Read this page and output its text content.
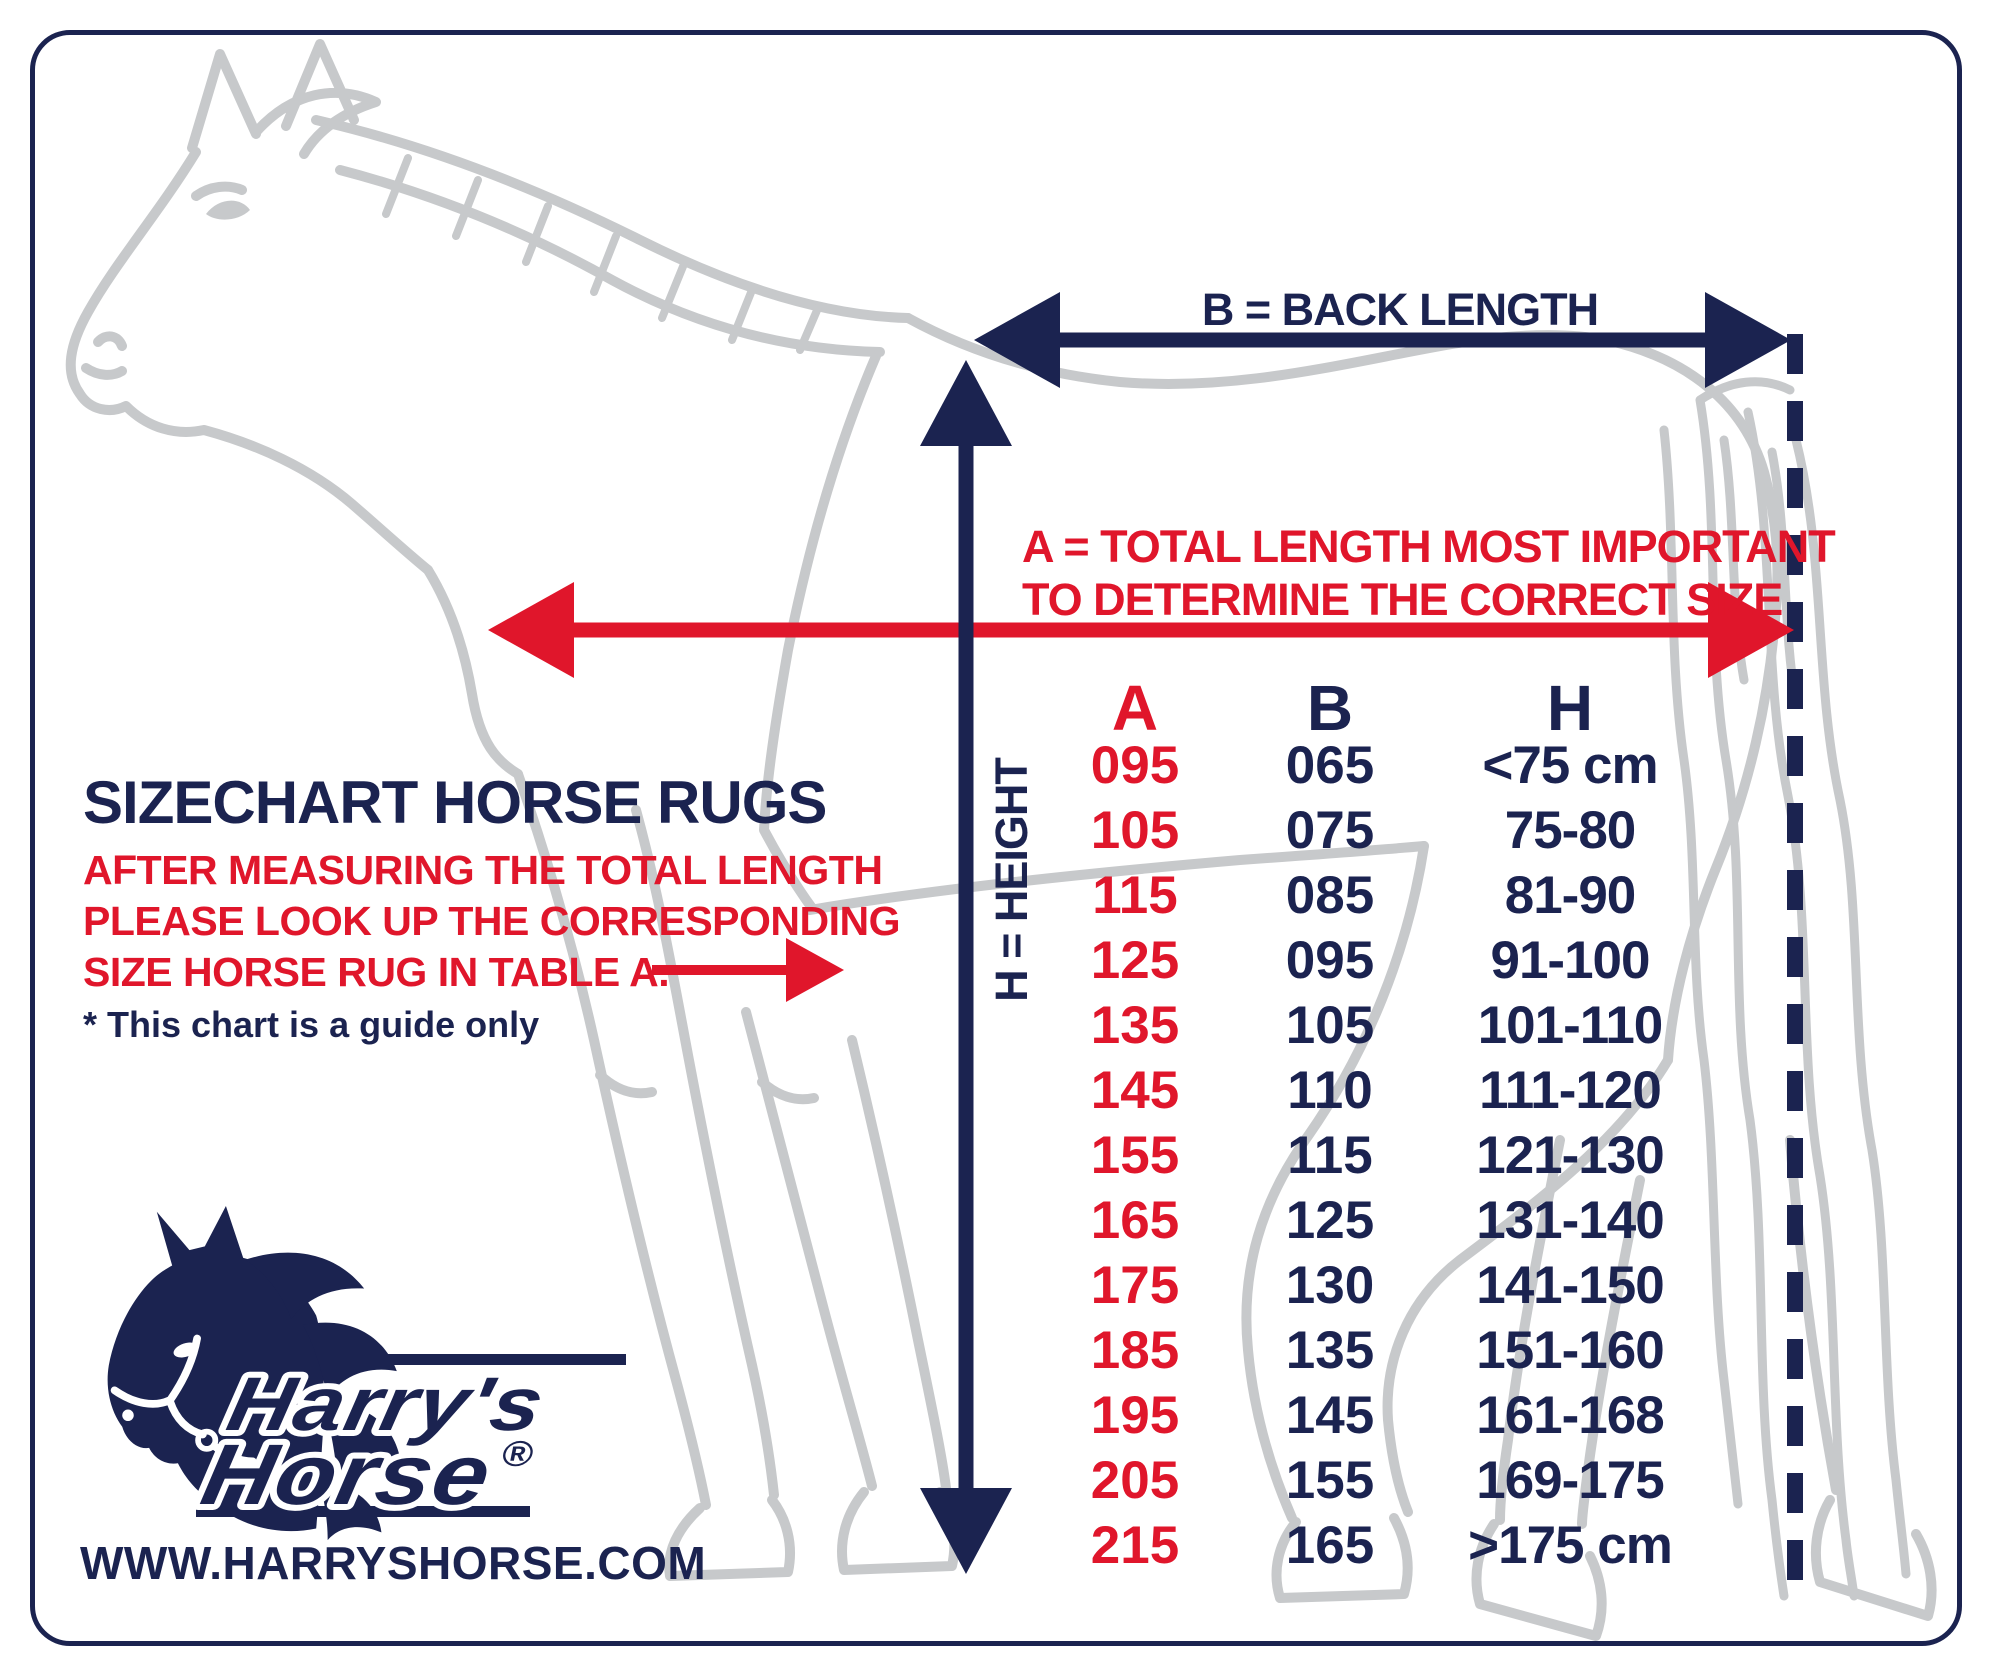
B = BACK LENGTH
A = TOTAL LENGTH MOST IMPORTANT
TO DETERMINE THE CORRECT SIZE
H = HEIGHT
SIZECHART HORSE RUGS
AFTER MEASURING THE TOTAL LENGTH
PLEASE LOOK UP THE CORRESPONDING
SIZE HORSE RUG IN TABLE A.
* This chart is a guide only
A	B	H
095	065	<75 cm
105	075	75-80
115	085	81-90
125	095	91-100
135	105	101-110
145	110	111-120
155	115	121-130
165	125	131-140
175	130	141-150
185	135	151-160
195	145	161-168
205	155	169-175
215	165	>175 cm
Harry's
Horse
®
WWW.HARRYSHORSE.COM
